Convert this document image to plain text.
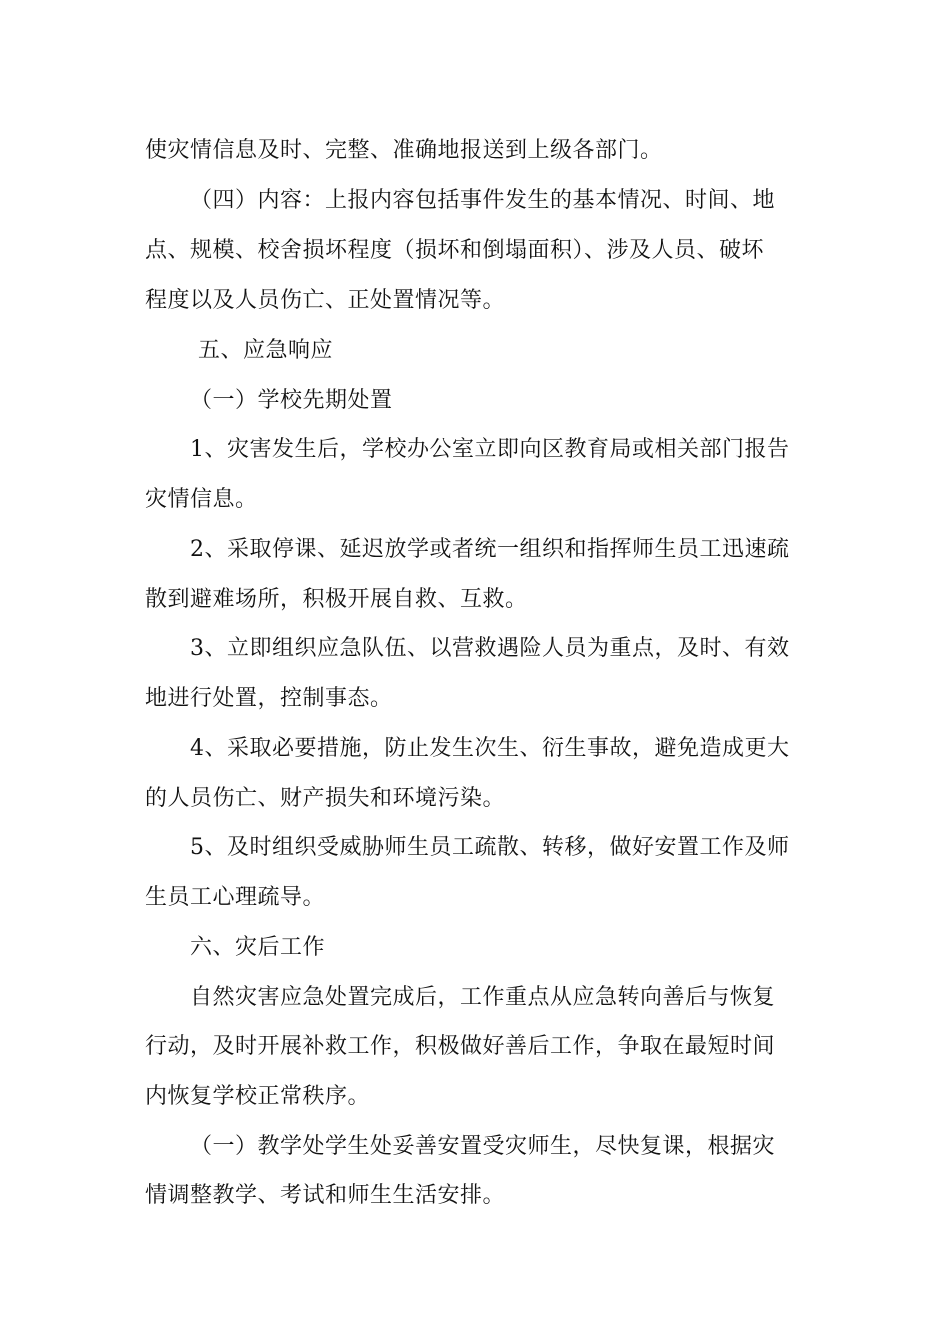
使灾情信息及时、完整、准确地报送到上级各部门。
（四）内容：上报内容包括事件发生的基本情况、时间、地
点、规模、校舍损坏程度（损坏和倒塌面积）、涉及人员、破坏
程度以及人员伤亡、正处置情况等。
五、应急响应
（一）学校先期处置
1、灾害发生后，学校办公室立即向区教育局或相关部门报告
灾情信息。
2、采取停课、延迟放学或者统一组织和指挥师生员工迅速疏
散到避难场所，积极开展自救、互救。
3、立即组织应急队伍、以营救遇险人员为重点，及时、有效
地进行处置，控制事态。
4、采取必要措施，防止发生次生、衍生事故，避免造成更大
的人员伤亡、财产损失和环境污染。
5、及时组织受威胁师生员工疏散、转移，做好安置工作及师
生员工心理疏导。
六、灾后工作
自然灾害应急处置完成后，工作重点从应急转向善后与恢复
行动，及时开展补救工作，积极做好善后工作，争取在最短时间
内恢复学校正常秩序。
（一）教学处学生处妥善安置受灾师生，尽快复课，根据灾
情调整教学、考试和师生生活安排。
